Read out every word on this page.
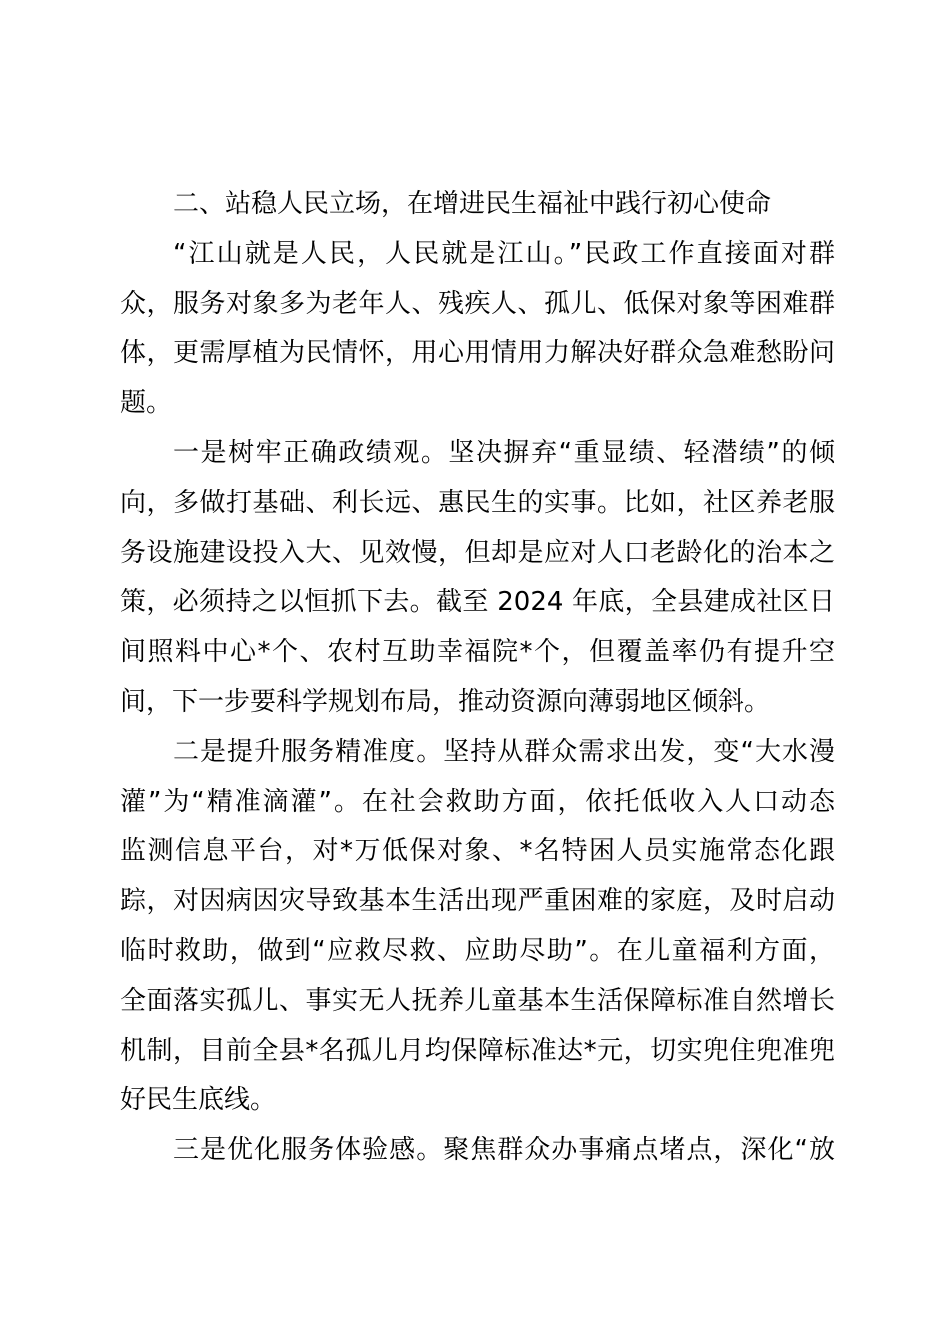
二、站稳人民立场，在增进民生福祉中践行初心使命
“江山就是人民，人民就是江山。”民政工作直接面对群
众，服务对象多为老年人、残疾人、孤儿、低保对象等困难群
体，更需厚植为民情怀，用心用情用力解决好群众急难愁盼问
题。
一是树牢正确政绩观。坚决摒弃“重显绩、轻潜绩”的倾
向，多做打基础、利长远、惠民生的实事。比如，社区养老服
务设施建设投入大、见效慢，但却是应对人口老龄化的治本之
策，必须持之以恒抓下去。截至 2024 年底，全县建成社区日
间照料中心*个、农村互助幸福院*个，但覆盖率仍有提升空
间，下一步要科学规划布局，推动资源向薄弱地区倾斜。
二是提升服务精准度。坚持从群众需求出发，变“大水漫
灌”为“精准滴灌”。在社会救助方面，依托低收入人口动态
监测信息平台，对*万低保对象、*名特困人员实施常态化跟
踪，对因病因灾导致基本生活出现严重困难的家庭，及时启动
临时救助，做到“应救尽救、应助尽助”。在儿童福利方面，
全面落实孤儿、事实无人抚养儿童基本生活保障标准自然增长
机制，目前全县*名孤儿月均保障标准达*元，切实兜住兜准兜
好民生底线。
三是优化服务体验感。聚焦群众办事痛点堵点，深化“放
